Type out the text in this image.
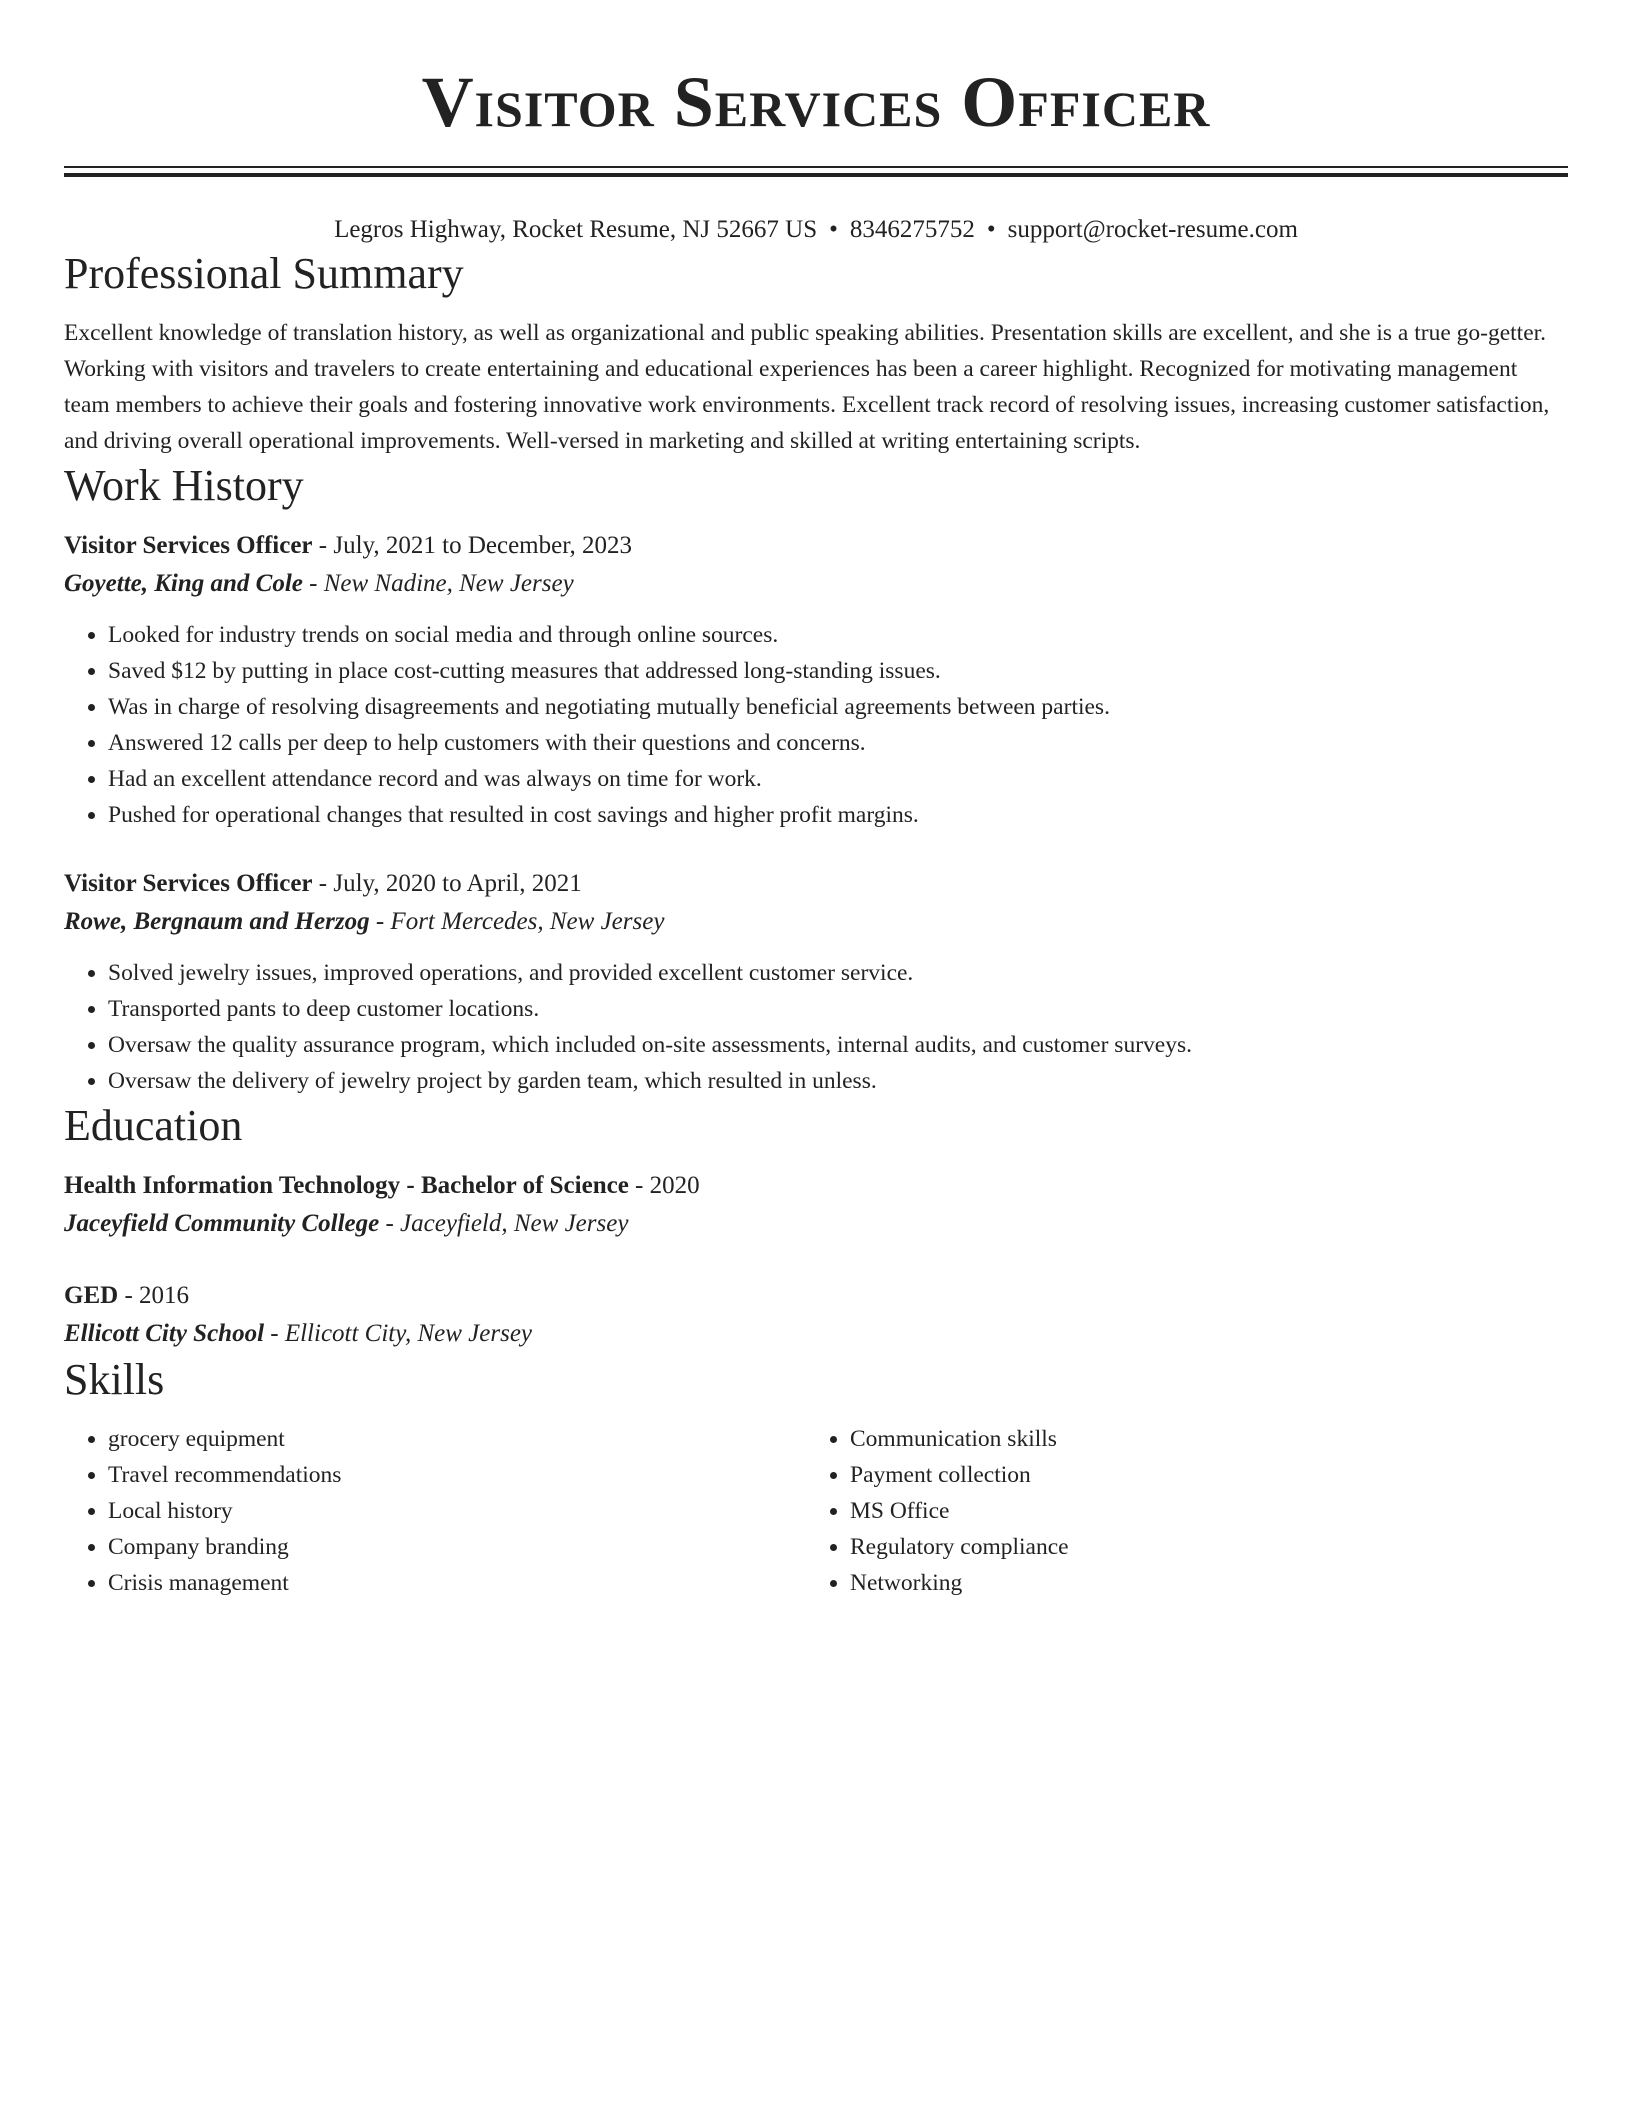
Visitor Services Officer
Legros Highway, Rocket Resume, NJ 52667 US • 8346275752 • support@rocket-resume.com
Professional Summary

Excellent knowledge of translation history, as well as organizational and public speaking abilities. Presentation skills are excellent, and she is a true go-getter. Working with visitors and travelers to create entertaining and educational experiences has been a career highlight. Recognized for motivating management team members to achieve their goals and fostering innovative work environments. Excellent track record of resolving issues, increasing customer satisfaction, and driving overall operational improvements. Well-versed in marketing and skilled at writing entertaining scripts.

Work History
Visitor Services Officer - July, 2021 to December, 2023
Goyette, King and Cole - New Nadine, New Jersey
• Looked for industry trends on social media and through online sources.
• Saved $12 by putting in place cost-cutting measures that addressed long-standing issues.
• Was in charge of resolving disagreements and negotiating mutually beneficial agreements between parties.
• Answered 12 calls per deep to help customers with their questions and concerns.
• Had an excellent attendance record and was always on time for work.
• Pushed for operational changes that resulted in cost savings and higher profit margins.
Visitor Services Officer - July, 2020 to April, 2021
Rowe, Bergnaum and Herzog - Fort Mercedes, New Jersey
• Solved jewelry issues, improved operations, and provided excellent customer service.
• Transported pants to deep customer locations.
• Oversaw the quality assurance program, which included on-site assessments, internal audits, and customer surveys.
• Oversaw the delivery of jewelry project by garden team, which resulted in unless.
Education
Health Information Technology - Bachelor of Science - 2020
Jaceyfield Community College - Jaceyfield, New Jersey
GED - 2016
Ellicott City School - Ellicott City, New Jersey
Skills
• grocery equipment
• Travel recommendations
• Local history
• Company branding
• Crisis management
• Communication skills
• Payment collection
• MS Office
• Regulatory compliance
• Networking
